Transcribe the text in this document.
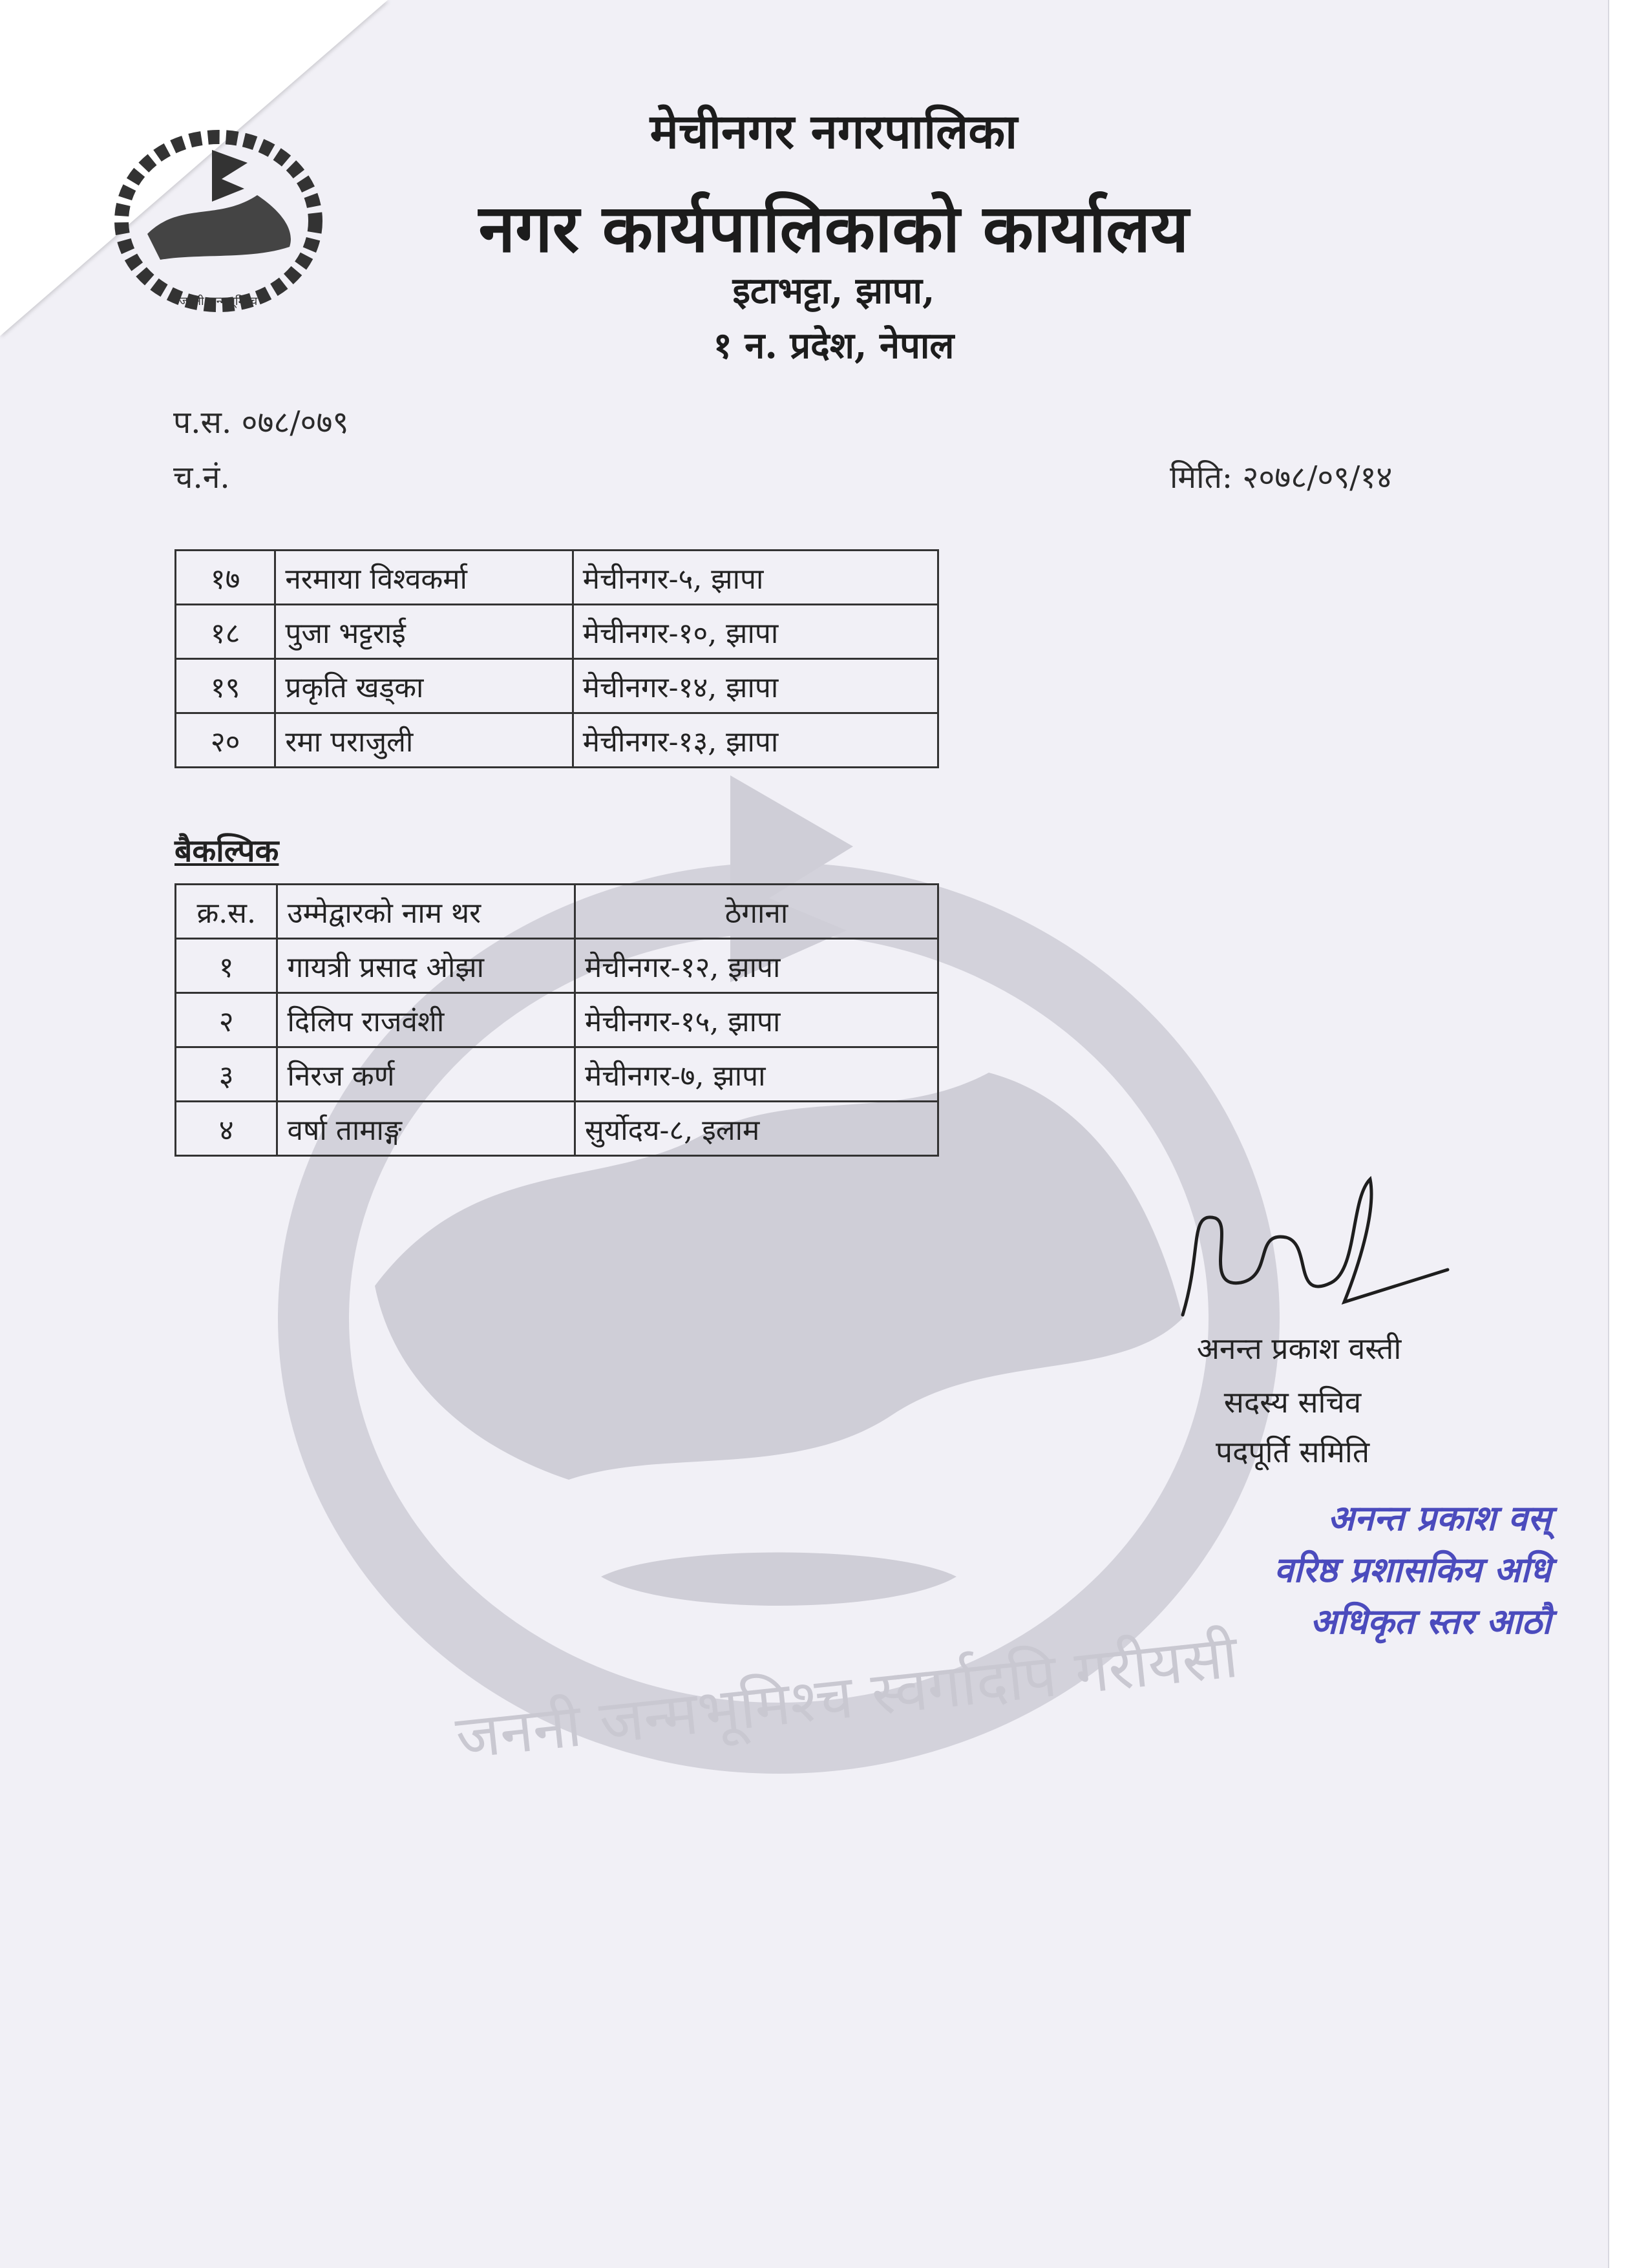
जननी जन्मभूमिश्च स्वर्गादपि गरीयसी
जननी जन्मभूमिश्च
मेचीनगर नगरपालिका
नगर कार्यपालिकाको कार्यालय
इटाभट्टा, झापा,
१ न. प्रदेश, नेपाल
प.स. ०७८/०७९
च.नं.	मिति: २०७८/०९/१४
१७	नरमाया विश्वकर्मा	मेचीनगर-५, झापा
१८	पुजा भट्टराई	मेचीनगर-१०, झापा
१९	प्रकृति खड्का	मेचीनगर-१४, झापा
२०	रमा पराजुली	मेचीनगर-१३, झापा
बैकल्पिक
क्र.स.	उम्मेद्वारको नाम थर	ठेगाना
१	गायत्री प्रसाद ओझा	मेचीनगर-१२, झापा
२	दिलिप राजवंशी	मेचीनगर-१५, झापा
३	निरज कर्ण	मेचीनगर-७, झापा
४	वर्षा तामाङ्ग	सुर्योदय-८, इलाम
अनन्त प्रकाश वस्ती
सदस्य सचिव
पदपूर्ति समिति
अनन्त प्रकाश वस्
वरिष्ठ प्रशासकिय अधि
अधिकृत स्तर आठौ
